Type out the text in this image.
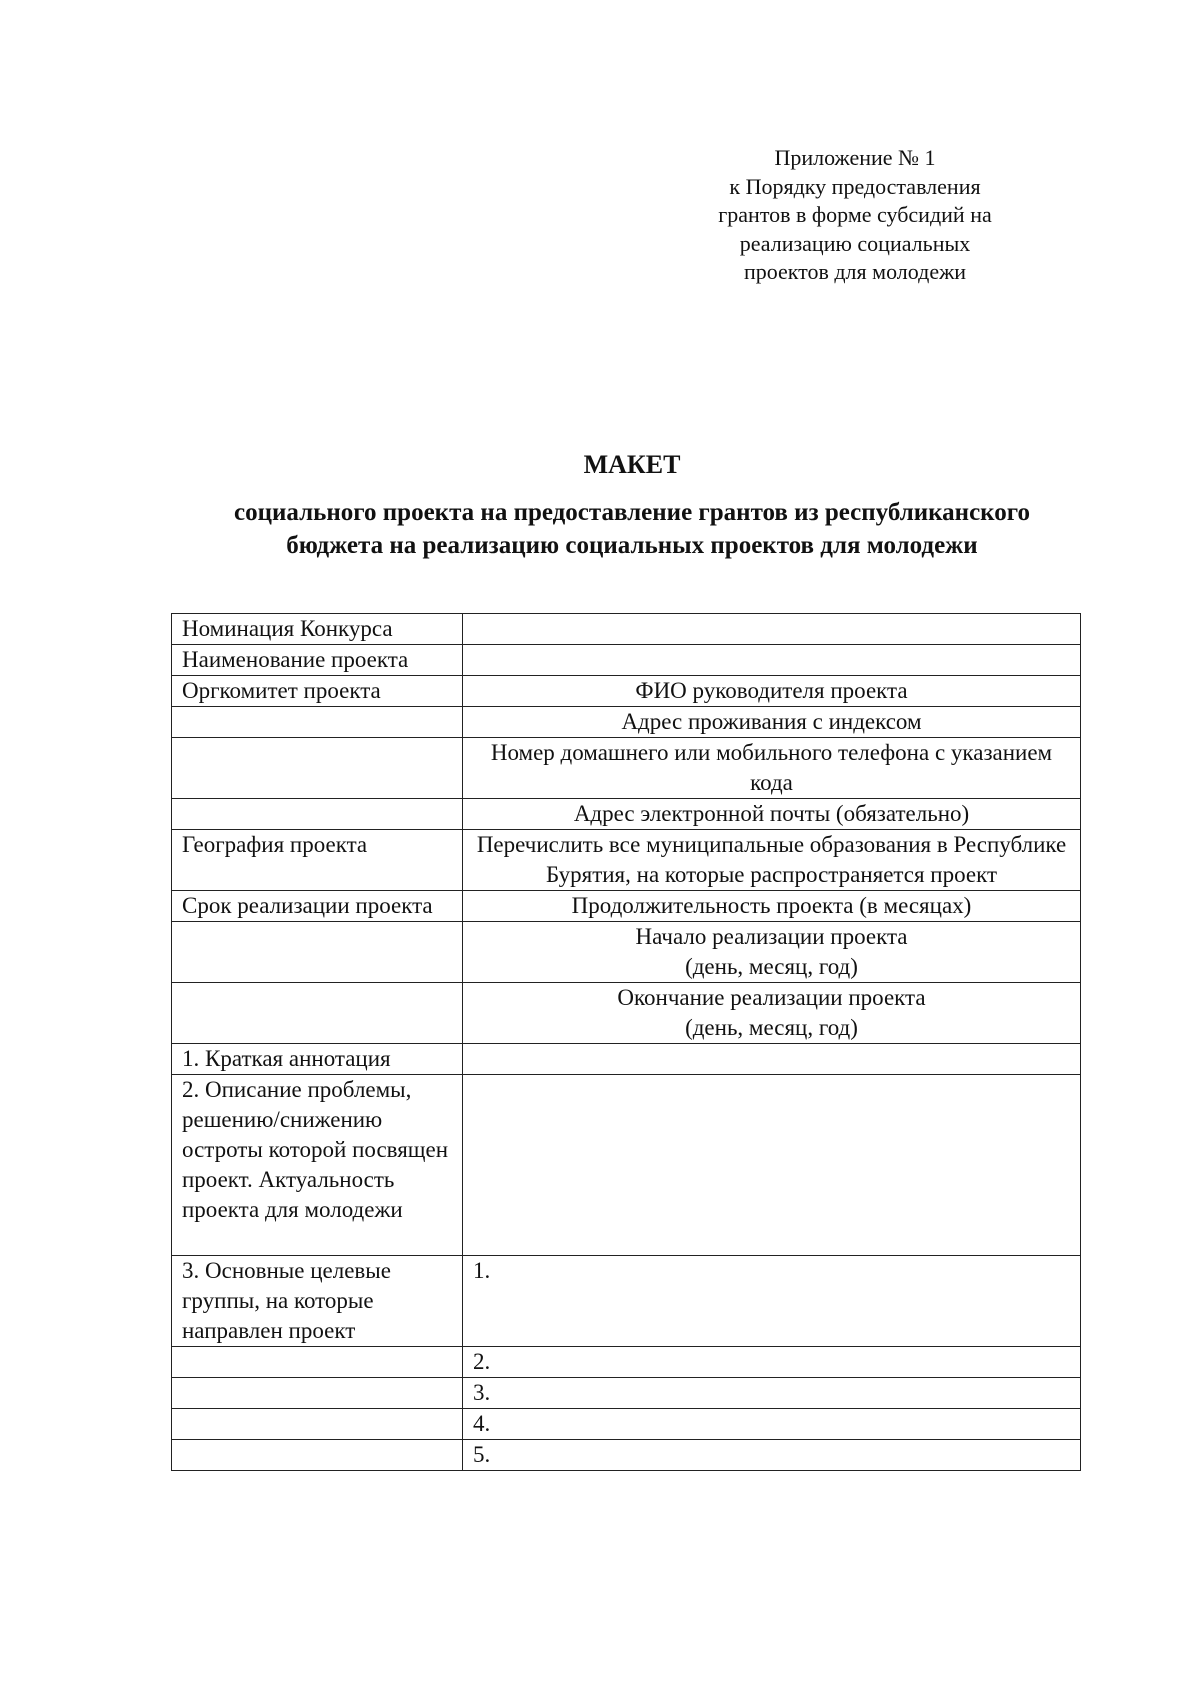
Приложение № 1
к Порядку предоставления
грантов в форме субсидий на
реализацию социальных
проектов для молодежи
МАКЕТ
социального проекта на предоставление грантов из республиканского
бюджета на реализацию социальных проектов для молодежи
Номинация Конкурса	
Наименование проекта	
Оргкомитет проекта	ФИО руководителя проекта
	Адрес проживания с индексом
	Номер домашнего или мобильного телефона с указанием кода
	Адрес электронной почты (обязательно)
География проекта	Перечислить все муниципальные образования в Республике Бурятия, на которые распространяется проект
Срок реализации проекта	Продолжительность проекта (в месяцах)

	Начало реализации проекта
(день, месяц, год)

	Окончание реализации проекта
(день, месяц, год)

1. Краткая аннотация	
2. Описание проблемы, решению/снижению остроты которой посвящен проект. Актуальность проекта для молодежи	
3. Основные целевые группы, на которые направлен проект	1.
	2.
	3.
	4.
	5.
